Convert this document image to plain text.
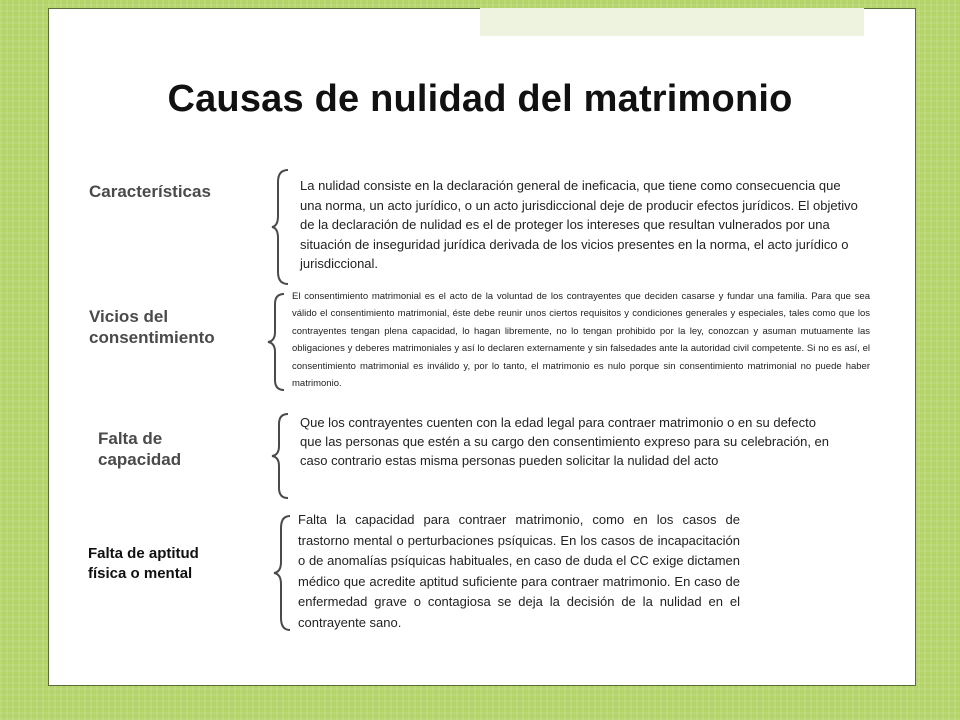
Causas de nulidad del matrimonio
Características	La nulidad consiste en la declaración general de ineficacia, que tiene como consecuencia que una norma, un acto jurídico, o un acto jurisdiccional deje de producir efectos jurídicos. El objetivo de la declaración de nulidad es el de proteger los intereses que resultan vulnerados por una situación de inseguridad jurídica derivada de los vicios presentes en la norma, el acto jurídico o jurisdiccional.
Vicios del
consentimiento
El consentimiento matrimonial es el acto de la voluntad de los contrayentes que deciden casarse y fundar una familia. Para que sea válido el consentimiento matrimonial, éste debe reunir unos ciertos requisitos y condiciones generales y especiales, tales como que los contrayentes tengan plena capacidad, lo hagan libremente, no lo tengan prohibido por la ley, conozcan y asuman mutuamente las obligaciones y deberes matrimoniales y así lo declaren externamente y sin falsedades ante la autoridad civil competente. Si no es así, el consentimiento matrimonial es inválido y, por lo tanto, el matrimonio es nulo porque sin consentimiento matrimonial no puede haber matrimonio.
Falta de
capacidad
Que los contrayentes cuenten con la edad legal para contraer matrimonio o en su defecto que las personas que estén a su cargo den consentimiento expreso para su celebración, en caso contrario estas misma personas pueden solicitar la nulidad del acto
Falta de aptitud
física o mental
Falta la capacidad para contraer matrimonio, como en los casos de trastorno mental o perturbaciones psíquicas. En los casos de incapacitación o de anomalías psíquicas habituales, en caso de duda el CC exige dictamen médico que acredite aptitud suficiente para contraer matrimonio. En caso de enfermedad grave o contagiosa se deja la decisión de la nulidad en el contrayente sano.
